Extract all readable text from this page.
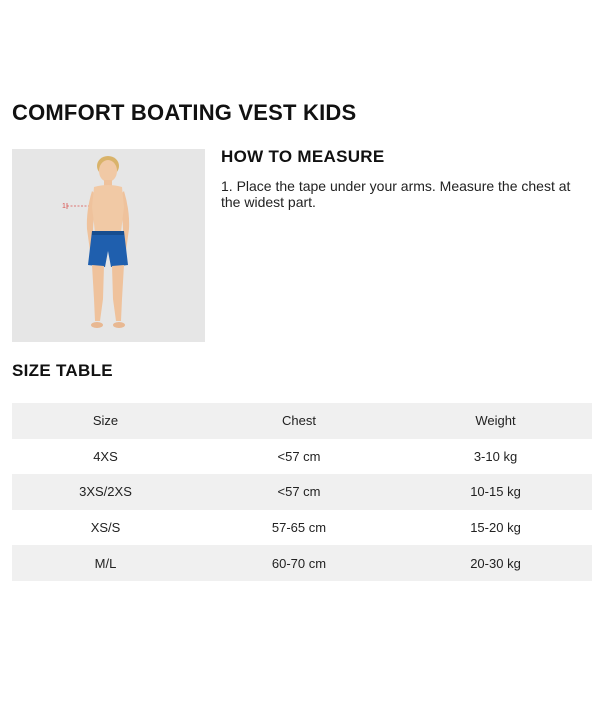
COMFORT BOATING VEST KIDS
1
HOW TO MEASURE
1. Place the tape under your arms. Measure the chest at the widest part.
SIZE TABLE
Size	Chest	Weight
4XS	<57 cm	3-10 kg
3XS/2XS	<57 cm	10-15 kg
XS/S	57-65 cm	15-20 kg
M/L	60-70 cm	20-30 kg
